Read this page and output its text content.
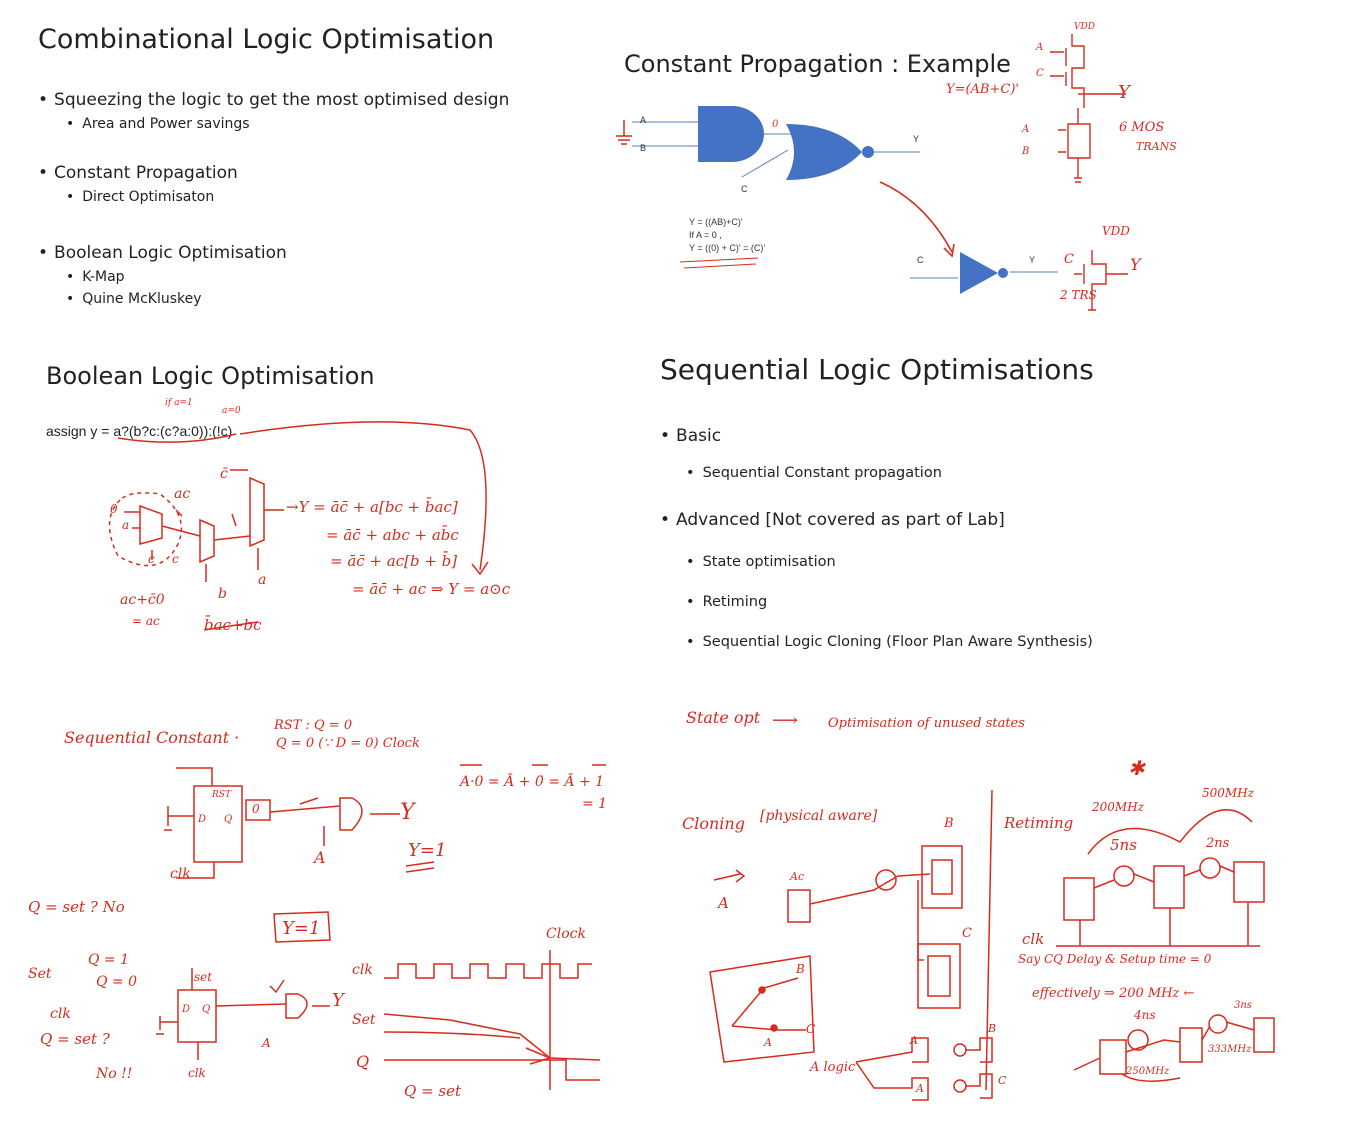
Combinational Logic Optimisation
• Squeezing the logic to get the most optimised design
• Area and Power savings
• Constant Propagation
• Direct Optimisaton
• Boolean Logic Optimisation
• K-Map
• Quine McKluskey
Constant Propagation : Example
A
B
C
Y
C	Y
0
Y = ((AB)+C)'
If A = 0 ,
Y = ((0) + C)' = (C)'
Y=(AB+C)'
VDD
A
C
Y
A
B
6 MOS
TRANS
VDD
C	Y
2 TRS
Boolean Logic Optimisation
assign y = a?(b?c:(c?a:0)):(!c)
if a=1
a=0
c̄
ac
0
a
c c
b
a
→Y = āc̄ + a[bc + b̄ac]
= āc̄ + abc + ab̄c
= āc̄ + ac[b + b̄]
= āc̄ + ac ⇒ Y = a⊙c
ac+c̄0
= ac	b̄ac+bc
Sequential Logic Optimisations
• Basic
• Sequential Constant propagation
• Advanced [Not covered as part of Lab]
• State optimisation
• Retiming
• Sequential Logic Cloning (Floor Plan Aware Synthesis)
Sequential Constant ·
RST : Q = 0
Q = 0 (∵ D = 0) Clock
A·0 = Ā + 0̄ = Ā + 1
= 1
RST
D Q
0
A
Y
clk
Y=1
Y=1
Q = set ? No
Set
Q = 1
Q = 0
clk
Q = set ?
No !!
set
D Q
A
Y
clk
Clock
clk
Set
Q
Q = set
State opt ⟶ Optimisation of unused states
✱
Cloning [physical aware]	B
C
A
Ac
B
C
A
A logic
A
A
B
C
Retiming
200MHz
500MHz
5ns	2ns
clk
Say CQ Delay & Setup time = 0
effectively ⇒ 200 MHz ←
4ns
3ns
250MHz
333MHz
